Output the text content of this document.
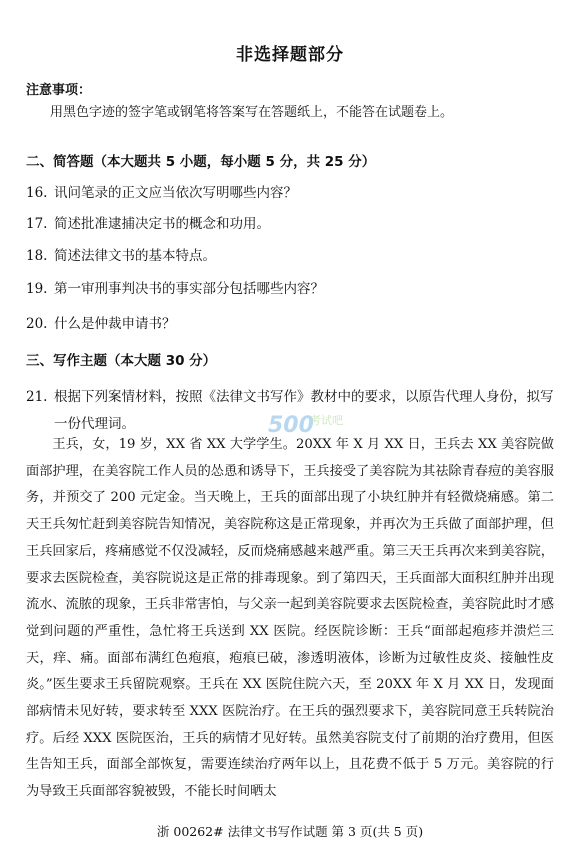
非选择题部分
注意事项：
用黑色字迹的签字笔或钢笔将答案写在答题纸上，不能答在试题卷上。
二、简答题（本大题共 5 小题，每小题 5 分，共 25 分）
16. 讯问笔录的正文应当依次写明哪些内容？
17. 简述批准逮捕决定书的概念和功用。
18. 简述法律文书的基本特点。
19. 第一审刑事判决书的事实部分包括哪些内容？
20. 什么是仲裁申请书？
三、写作主题（本大题 30 分）
21. 根据下列案情材料，按照《法律文书写作》教材中的要求，以原告代理人身份，拟写一份代理词。	500
考试吧
王兵，女，19 岁，XX 省 XX 大学学生。20XX 年 X 月 XX 日，王兵去 XX 美容院做面部护理，在美容院工作人员的怂恿和诱导下，王兵接受了美容院为其祛除青春痘的美容服务，并预交了 200 元定金。当天晚上，王兵的面部出现了小块红肿并有轻微烧痛感。第二天王兵匆忙赶到美容院告知情况，美容院称这是正常现象，并再次为王兵做了面部护理，但王兵回家后，疼痛感觉不仅没减轻，反而烧痛感越来越严重。第三天王兵再次来到美容院，要求去医院检查，美容院说这是正常的排毒现象。到了第四天，王兵面部大面积红肿并出现流水、流脓的现象，王兵非常害怕，与父亲一起到美容院要求去医院检查，美容院此时才感觉到问题的严重性，急忙将王兵送到 XX 医院。经医院诊断：王兵“面部起疱疹并溃烂三天，痒、痛。面部布满红色疱痕，疱痕已破，渗透明液体，诊断为过敏性皮炎、接触性皮炎。”医生要求王兵留院观察。王兵在 XX 医院住院六天，至 20XX 年 X 月 XX 日，发现面部病情未见好转，要求转至 XXX 医院治疗。在王兵的强烈要求下，美容院同意王兵转院治疗。后经 XXX 医院医治，王兵的病情才见好转。虽然美容院支付了前期的治疗费用，但医生告知王兵，面部全部恢复，需要连续治疗两年以上，且花费不低于 5 万元。美容院的行为导致王兵面部容貌被毁，不能长时间晒太
浙 00262# 法律文书写作试题 第 3 页(共 5 页)
